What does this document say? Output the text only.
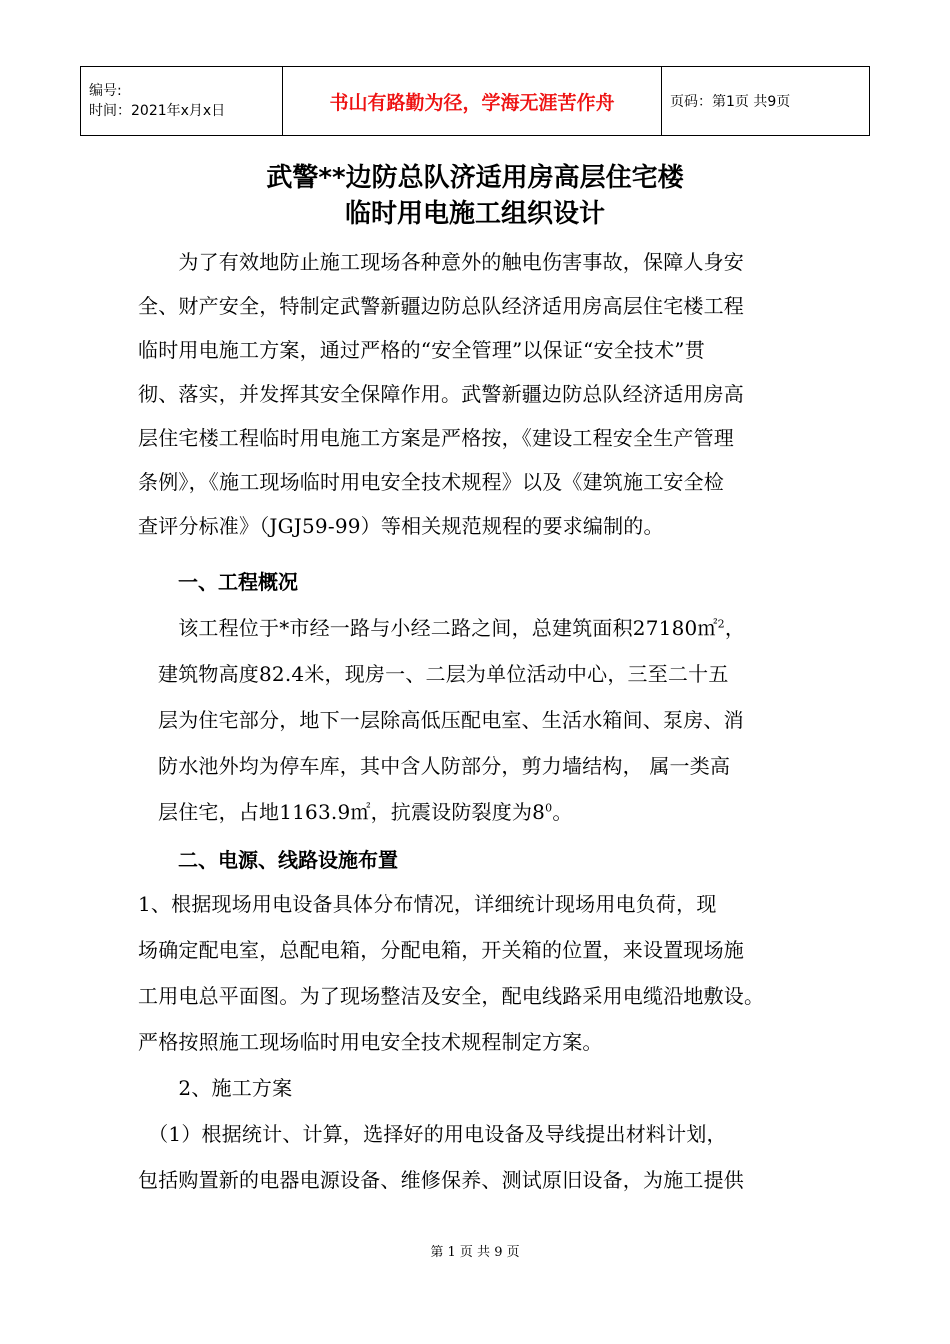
编号:
时间：2021年x月x日	书山有路勤为径，学海无涯苦作舟	页码：第1页 共9页
武警**边防总队济适用房高层住宅楼
临时用电施工组织设计
　　为了有效地防止施工现场各种意外的触电伤害事故，保障人身安
全、财产安全，特制定武警新疆边防总队经济适用房高层住宅楼工程
临时用电施工方案，通过严格的“安全管理”以保证“安全技术”贯
彻、落实，并发挥其安全保障作用。武警新疆边防总队经济适用房高
层住宅楼工程临时用电施工方案是严格按，《建设工程安全生产管理
条例》，《施工现场临时用电安全技术规程》以及《建筑施工安全检
查评分标准》（JGJ59-99）等相关规范规程的要求编制的。
一、工程概况
　该工程位于*市经一路与小经二路之间，总建筑面积27180㎡$^2$，
建筑物高度82.4米，现房一、二层为单位活动中心，三至二十五
层为住宅部分，地下一层除高低压配电室、生活水箱间、泵房、消
防水池外均为停车库，其中含人防部分，剪力墙结构， 属一类高
层住宅，占地1163.9㎡，抗震设防裂度为$8^0$。
二、电源、线路设施布置
1、根据现场用电设备具体分布情况，详细统计现场用电负荷，现
场确定配电室，总配电箱，分配电箱，开关箱的位置，来设置现场施
工用电总平面图。为了现场整洁及安全，配电线路采用电缆沿地敷设。
严格按照施工现场临时用电安全技术规程制定方案。
　　2、施工方案
　（1）根据统计、计算，选择好的用电设备及导线提出材料计划，
包括购置新的电器电源设备、维修保养、测试原旧设备，为施工提供
第 1 页 共 9 页
